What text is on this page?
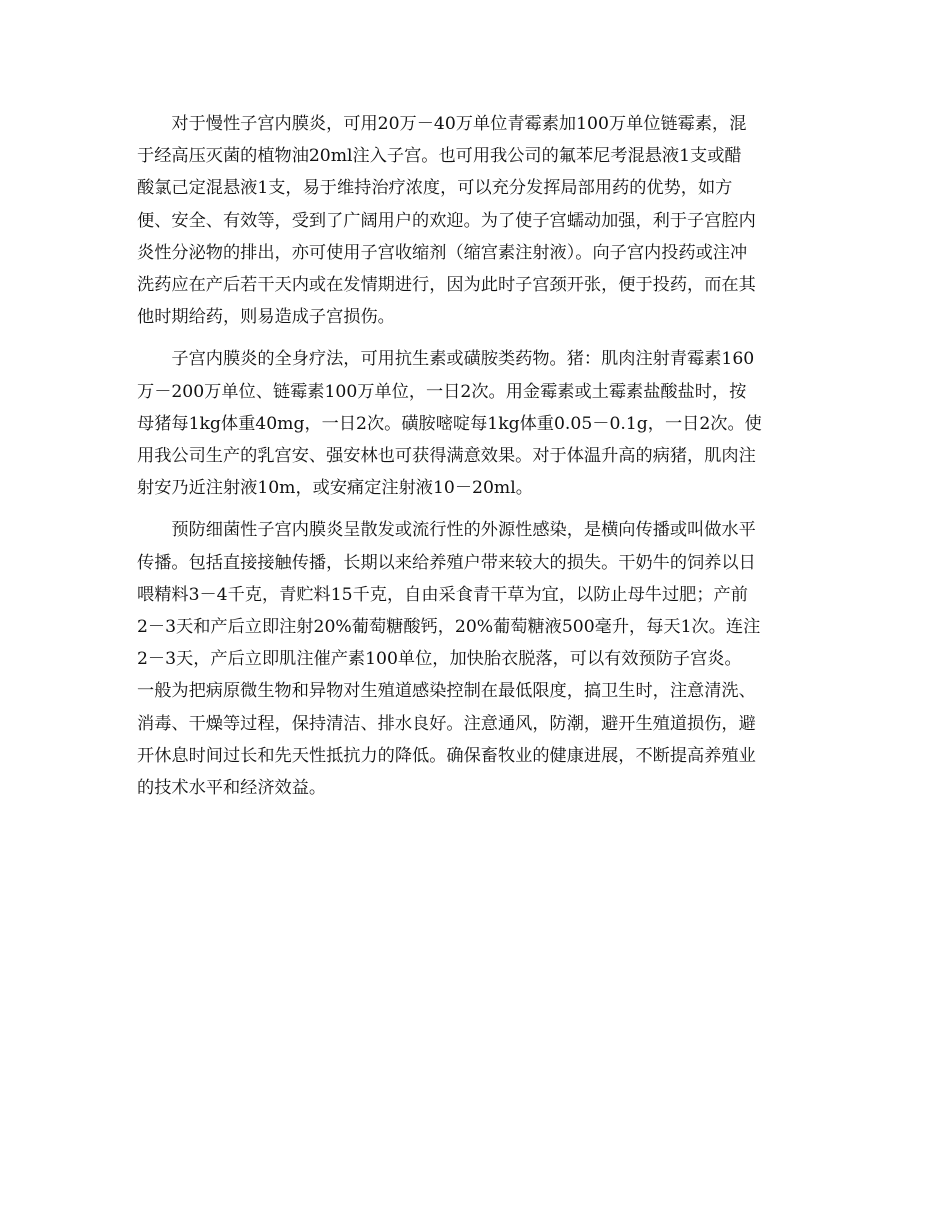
对于慢性子宫内膜炎，可用20万－40万单位青霉素加100万单位链霉素，混
于经高压灭菌的植物油20ml注入子宫。也可用我公司的氟苯尼考混悬液1支或醋
酸氯己定混悬液1支，易于维持治疗浓度，可以充分发挥局部用药的优势，如方
便、安全、有效等，受到了广阔用户的欢迎。为了使子宫蠕动加强，利于子宫腔内
炎性分泌物的排出，亦可使用子宫收缩剂（缩宫素注射液）。向子宫内投药或注冲
洗药应在产后若干天内或在发情期进行，因为此时子宫颈开张，便于投药，而在其
他时期给药，则易造成子宫损伤。

子宫内膜炎的全身疗法，可用抗生素或磺胺类药物。猪：肌肉注射青霉素160
万－200万单位、链霉素100万单位，一日2次。用金霉素或土霉素盐酸盐时，按
母猪每1kg体重40mg，一日2次。磺胺嘧啶每1kg体重0.05－0.1g，一日2次。使
用我公司生产的乳宫安、强安林也可获得满意效果。对于体温升高的病猪，肌肉注
射安乃近注射液10m，或安痛定注射液10－20ml。

预防细菌性子宫内膜炎呈散发或流行性的外源性感染，是横向传播或叫做水平
传播。包括直接接触传播，长期以来给养殖户带来较大的损失。干奶牛的饲养以日
喂精料3－4千克，青贮料15千克，自由采食青干草为宜，以防止母牛过肥；产前
2－3天和产后立即注射20%葡萄糖酸钙，20%葡萄糖液500毫升，每天1次。连注
2－3天，产后立即肌注催产素100单位，加快胎衣脱落，可以有效预防子宫炎。
一般为把病原微生物和异物对生殖道感染控制在最低限度，搞卫生时，注意清洗、
消毒、干燥等过程，保持清洁、排水良好。注意通风，防潮，避开生殖道损伤，避
开休息时间过长和先天性抵抗力的降低。确保畜牧业的健康进展，不断提高养殖业
的技术水平和经济效益。
